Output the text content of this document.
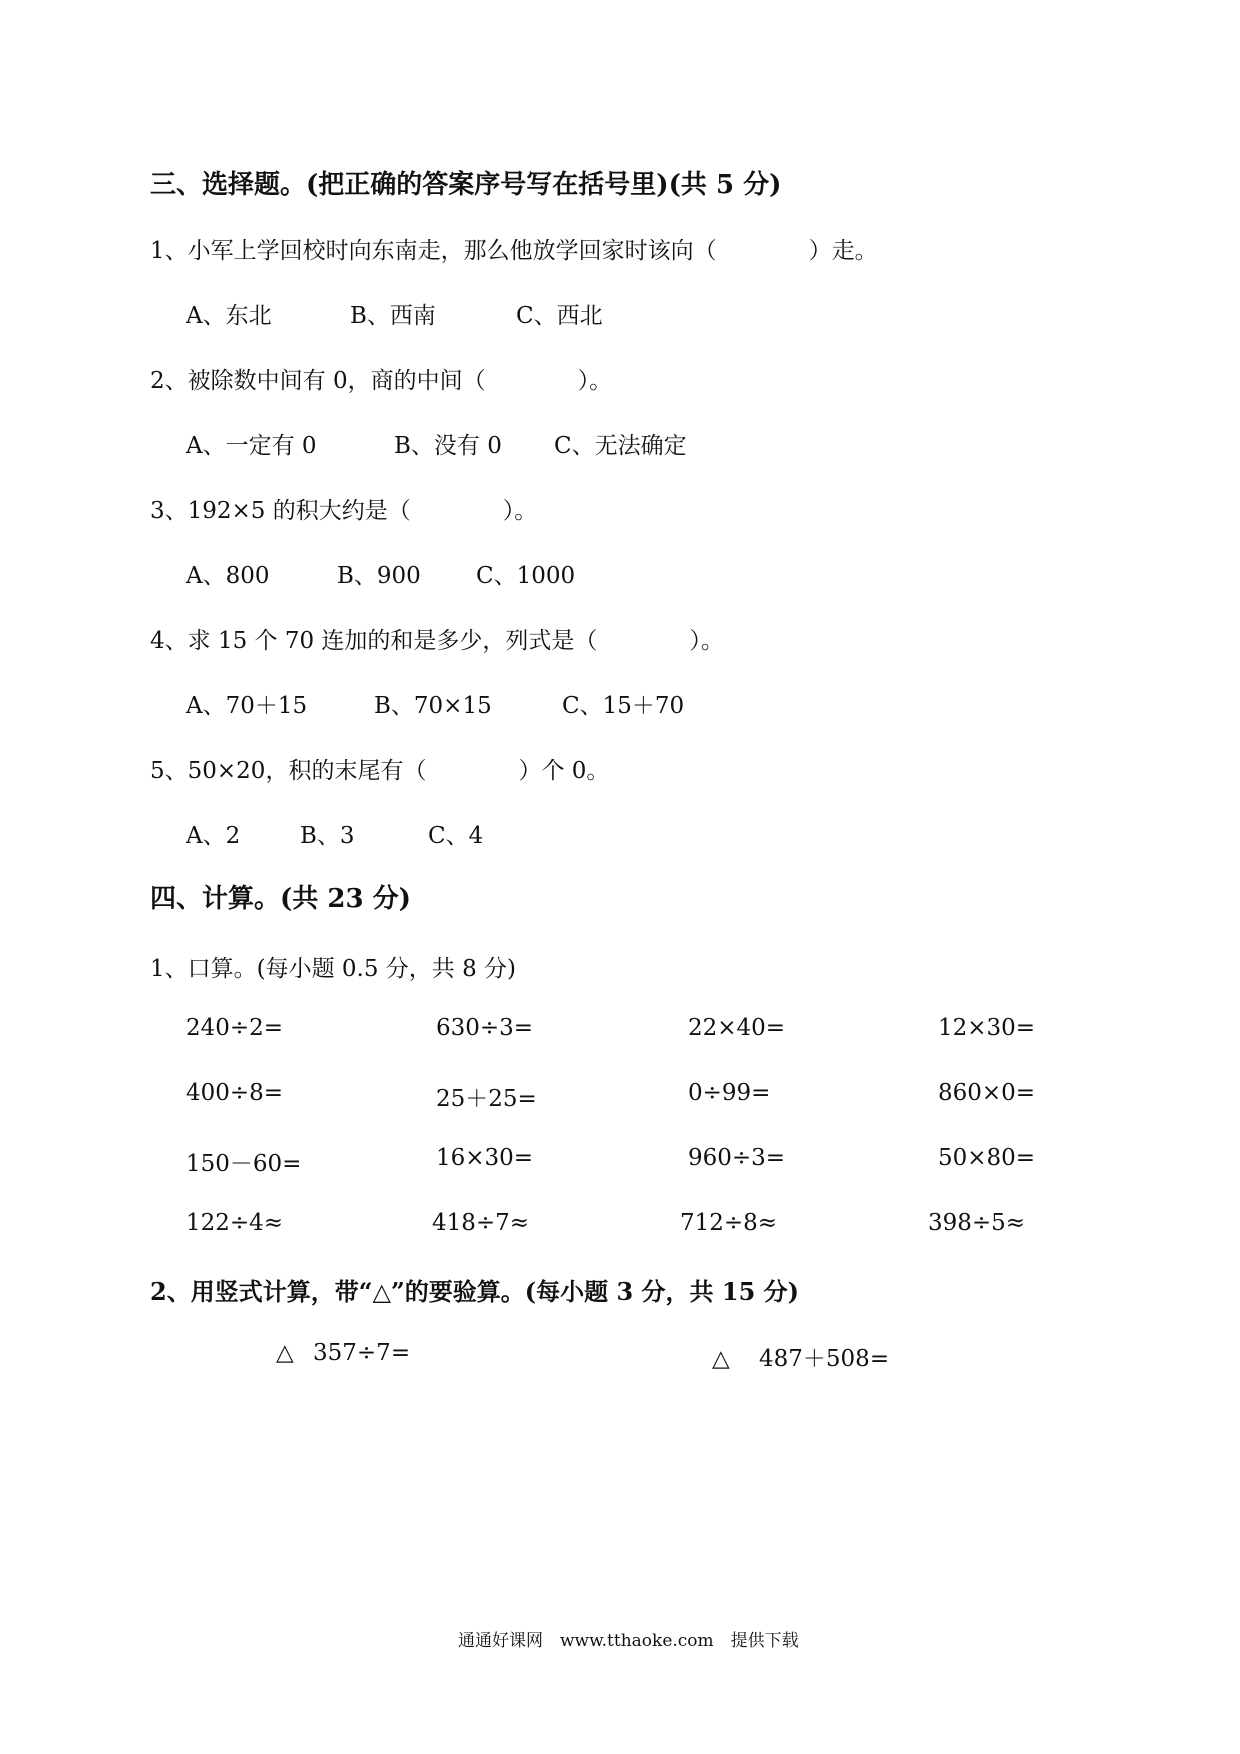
三、选择题。(把正确的答案序号写在括号里)(共 5 分)
1、小军上学回校时向东南走，那么他放学回家时该向（　　　　）走。
A、东北	B、西南	C、西北
2、被除数中间有 0，商的中间（　　　　）。
A、一定有 0	B、没有 0 C、无法确定
3、192×5 的积大约是（　　　　）。
A、800	B、900 C、1000
4、求 15 个 70 连加的和是多少，列式是（　　　　）。
A、70＋15	B、70×15	C、15＋70
5、50×20，积的末尾有（　　　　）个 0。
A、2	B、3	C、4
四、计算。(共 23 分)
1、口算。(每小题 0.5 分，共 8 分)
240÷2=	630÷3=	22×40=	12×30=
400÷8=	25＋25=	0÷99=	860×0=
150－60=	16×30=	960÷3=	50×80=
122÷4≈	418÷7≈	712÷8≈	398÷5≈
2、用竖式计算，带“△”的要验算。(每小题 3 分，共 15 分)
△ 357÷7=	△ 487＋508=
通通好课网　www.tthaoke.com　提供下载
